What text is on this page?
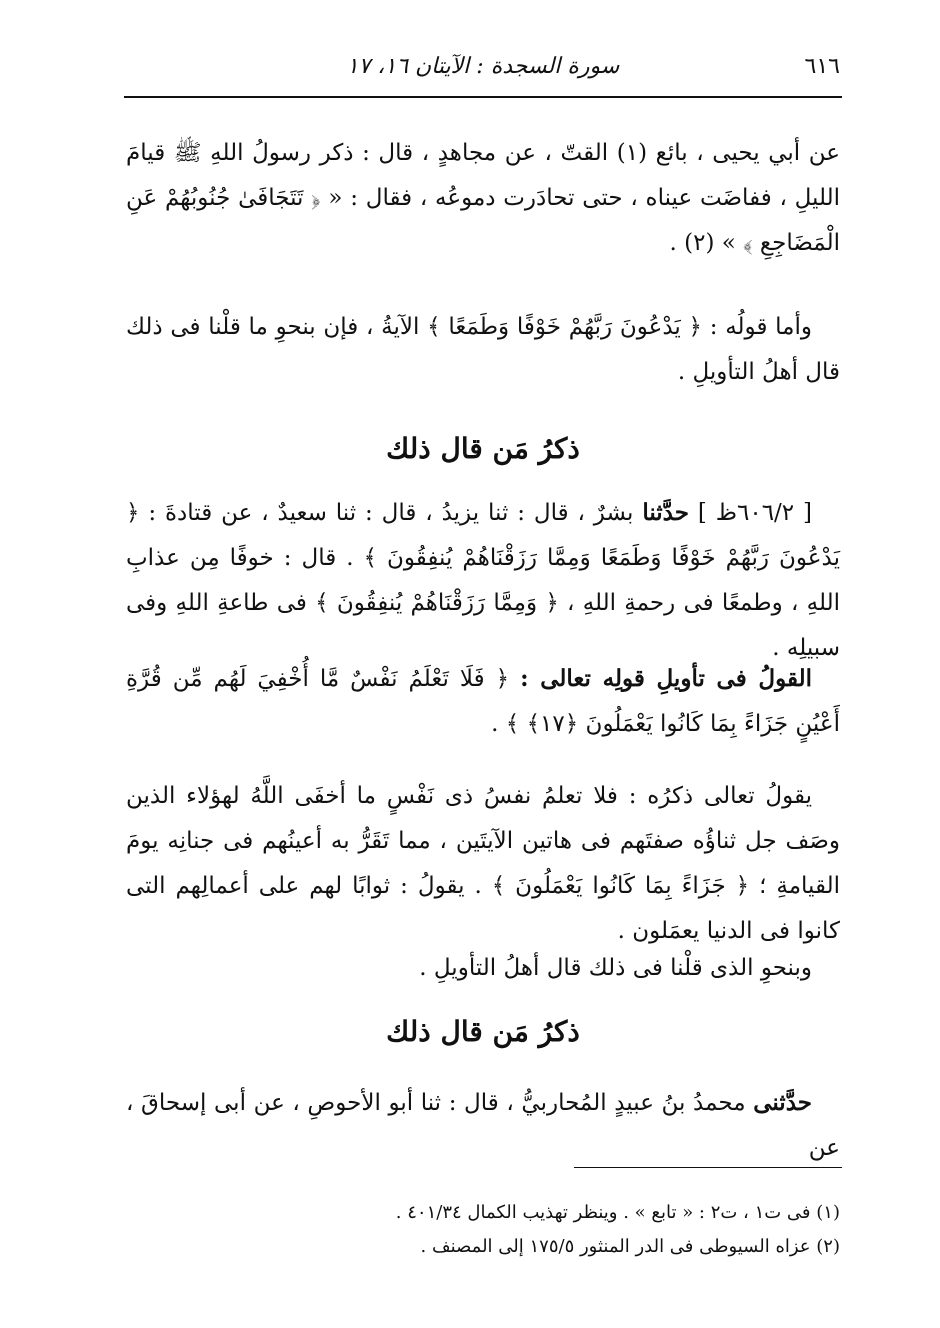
٦١٦
سورة السجدة : الآيتان ١٦، ١٧

عن أبي يحيى ، بائع (١) القتّ ، عن مجاهدٍ ، قال : ذكر رسولُ اللهِ ﷺ قيامَ الليلِ ، ففاضَت عيناه ، حتى تحادَرت دموعُه ، فقال : « ﴿ تَتَجَافَىٰ جُنُوبُهُمْ عَنِ الْمَضَاجِعِ ﴾ » (٢) .

وأما قولُه : ﴿ يَدْعُونَ رَبَّهُمْ خَوْفًا وَطَمَعًا ﴾ الآيةُ ، فإن بنحوِ ما قلْنا فى ذلك قال أهلُ التأويلِ .

ذكرُ مَن قال ذلك

[ ٦٠٦/٢ظ ] حدَّثنا بشرٌ ، قال : ثنا يزيدُ ، قال : ثنا سعيدٌ ، عن قتادةَ : ﴿ يَدْعُونَ رَبَّهُمْ خَوْفًا وَطَمَعًا وَمِمَّا رَزَقْنَاهُمْ يُنفِقُونَ ﴾ . قال : خوفًا مِن عذابِ اللهِ ، وطمعًا فى رحمةِ اللهِ ، ﴿ وَمِمَّا رَزَقْنَاهُمْ يُنفِقُونَ ﴾ فى طاعةِ اللهِ وفى سبيلِه .

القولُ فى تأويلِ قولِه تعالى : ﴿ فَلَا تَعْلَمُ نَفْسٌ مَّا أُخْفِيَ لَهُم مِّن قُرَّةِ أَعْيُنٍ جَزَاءً بِمَا كَانُوا يَعْمَلُونَ ﴿١٧﴾ ﴾ .

يقولُ تعالى ذكرُه : فلا تعلمُ نفسُ ذى نَفْسٍ ما أخفَى اللَّهُ لهؤلاء الذين وصَف جل ثناؤُه صفتَهم فى هاتين الآيتَين ، مما تَقَرُّ به أعينُهم فى جنانِه يومَ القيامةِ ؛ ﴿ جَزَاءً بِمَا كَانُوا يَعْمَلُونَ ﴾ . يقولُ : ثوابًا لهم على أعمالِهم التى كانوا فى الدنيا يعمَلون .

وبنحوِ الذى قلْنا فى ذلك قال أهلُ التأويلِ .

ذكرُ مَن قال ذلك

حدَّثنى محمدُ بنُ عبيدٍ المُحاربيُّ ، قال : ثنا أبو الأحوصِ ، عن أبى إسحاقَ ، عن

(١) فى ت١ ، ت٢ : « تابع » . وينظر تهذيب الكمال ٤٠١/٣٤ .

(٢) عزاه السيوطى فى الدر المنثور ١٧٥/٥ إلى المصنف .
